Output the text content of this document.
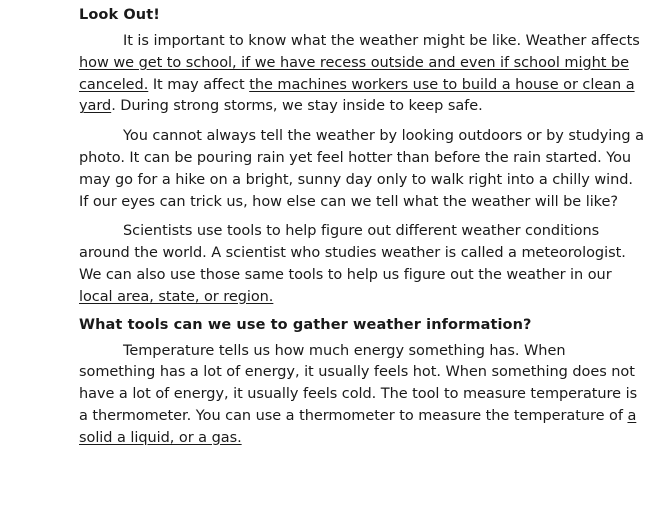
Look Out!

It is important to know what the weather might be like. Weather affects how we get to school, if we have recess outside and even if school might be canceled. It may affect the machines workers use to build a house or clean a yard. During strong storms, we stay inside to keep safe.

You cannot always tell the weather by looking outdoors or by studying a photo. It can be pouring rain yet feel hotter than before the rain started. You may go for a hike on a bright, sunny day only to walk right into a chilly wind. If our eyes can trick us, how else can we tell what the weather will be like?

Scientists use tools to help figure out different weather conditions around the world. A scientist who studies weather is called a meteorologist. We can also use those same tools to help us figure out the weather in our local area, state, or region.

What tools can we use to gather weather information?

Temperature tells us how much energy something has. When something has a lot of energy, it usually feels hot. When something does not have a lot of energy, it usually feels cold. The tool to measure temperature is a thermometer. You can use a thermometer to measure the temperature of a solid a liquid, or a gas.
